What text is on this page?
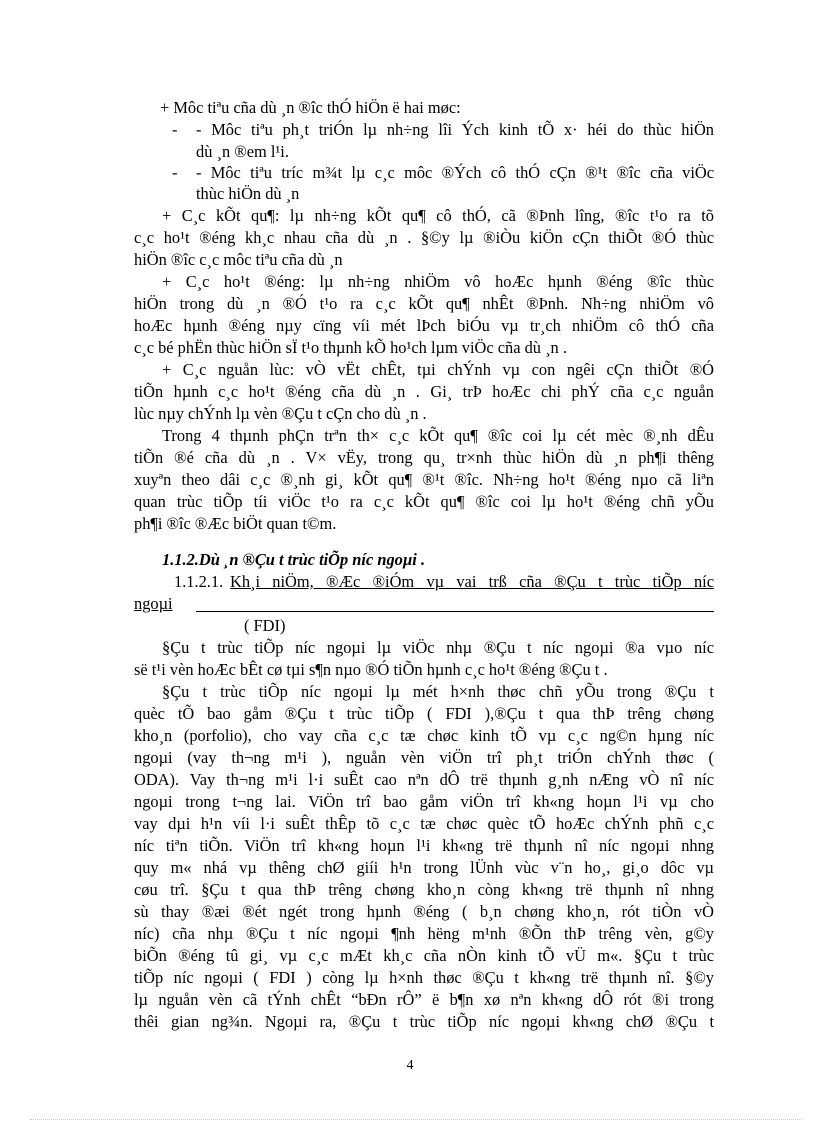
+ Môc tiªu cña dù ¸n ®îc thÓ hiÖn ë hai møc:
- - Môc tiªu ph¸t triÓn lµ nh÷ng lîi Ých kinh tÕ x· héi do thùc hiÖn
dù ¸n ®em l¹i.
- - Môc tiªu tríc m¾t lµ c¸c môc ®Ých cô thÓ cÇn ®¹t ®îc cña viÖc
thùc hiÖn dù ¸n
+ C¸c kÕt qu¶: lµ nh÷ng kÕt qu¶ cô thÓ, cã ®Þnh lîng, ®îc t¹o ra tõ
c¸c ho¹t ®éng kh¸c nhau cña dù ¸n . §©y lµ ®iÒu kiÖn cÇn thiÕt ®Ó thùc
hiÖn ®îc c¸c môc tiªu cña dù ¸n
+ C¸c ho¹t ®éng: lµ nh÷ng nhiÖm vô hoÆc hµnh ®éng ®îc thùc
hiÖn trong dù ¸n ®Ó t¹o ra c¸c kÕt qu¶ nhÊt ®Þnh. Nh÷ng nhiÖm vô
hoÆc hµnh ®éng nµy cïng víi mét lÞch biÓu vµ tr¸ch nhiÖm cô thÓ cña
c¸c bé phËn thùc hiÖn sÏ t¹o thµnh kÕ ho¹ch lµm viÖc cña dù ¸n .
+ C¸c nguån lùc: vÒ vËt chÊt, tµi chÝnh vµ con ngêi cÇn thiÕt ®Ó
tiÕn hµnh c¸c ho¹t ®éng cña dù ¸n . Gi¸ trÞ hoÆc chi phÝ cña c¸c nguån
lùc nµy chÝnh lµ vèn ®Çu t cÇn cho dù ¸n .
Trong 4 thµnh phÇn trªn th× c¸c kÕt qu¶ ®îc coi lµ cét mèc ®¸nh dÊu
tiÕn ®é cña dù ¸n . V× vËy, trong qu¸ tr×nh thùc hiÖn dù ¸n ph¶i thêng
xuyªn theo dâi c¸c ®¸nh gi¸ kÕt qu¶ ®¹t ®îc. Nh÷ng ho¹t ®éng nµo cã liªn
quan trùc tiÕp tíi viÖc t¹o ra c¸c kÕt qu¶ ®îc coi lµ ho¹t ®éng chñ yÕu
ph¶i ®îc ®Æc biÖt quan t©m.
1.1.2.Dù ¸n ®Çu t trùc tiÕp níc ngoµi .
1.1.2.1. Kh¸i niÖm, ®Æc ®iÓm vµ vai trß cña ®Çu t trùc tiÕp níc
ngoµi
( FDI)
§Çu t trùc tiÕp níc ngoµi lµ viÖc nhµ ®Çu t níc ngoµi ®a vµo níc
së t¹i vèn hoÆc bÊt cø tµi s¶n nµo ®Ó tiÕn hµnh c¸c ho¹t ®éng ®Çu t .
§Çu t trùc tiÕp níc ngoµi lµ mét h×nh thøc chñ yÕu trong ®Çu t
quèc tÕ bao gåm ®Çu t trùc tiÕp ( FDI ),®Çu t qua thÞ trêng chøng
kho¸n (porfolio), cho vay cña c¸c tæ chøc kinh tÕ vµ c¸c ng©n hµng níc
ngoµi (vay th¬ng m¹i ), nguån vèn viÖn trî ph¸t triÓn chÝnh thøc (
ODA). Vay th¬ng m¹i l·i suÊt cao nªn dÔ trë thµnh g¸nh nÆng vÒ nî níc
ngoµi trong t¬ng lai. ViÖn trî bao gåm viÖn trî kh«ng hoµn l¹i vµ cho
vay dµi h¹n víi l·i suÊt thÊp tõ c¸c tæ chøc quèc tÕ hoÆc chÝnh phñ c¸c
níc tiªn tiÕn. ViÖn trî kh«ng hoµn l¹i kh«ng trë thµnh nî níc ngoµi nhng
quy m« nhá vµ thêng chØ giíi h¹n trong lÜnh vùc v¨n ho¸, gi¸o dôc vµ
cøu trî. §Çu t qua thÞ trêng chøng kho¸n còng kh«ng trë thµnh nî nhng
sù thay ®æi ®ét ngét trong hµnh ®éng ( b¸n chøng kho¸n, rót tiÒn vÒ
níc) cña nhµ ®Çu t níc ngoµi ¶nh hëng m¹nh ®Õn thÞ trêng vèn, g©y
biÕn ®éng tû gi¸ vµ c¸c mÆt kh¸c cña nÒn kinh tÕ vÜ m«. §Çu t trùc
tiÕp níc ngoµi ( FDI ) còng lµ h×nh thøc ®Çu t kh«ng trë thµnh nî. §©y
lµ nguån vèn cã tÝnh chÊt “bÐn rÔ” ë b¶n xø nªn kh«ng dÔ rót ®i trong
thêi gian ng¾n. Ngoµi ra, ®Çu t trùc tiÕp níc ngoµi kh«ng chØ ®Çu t
4
